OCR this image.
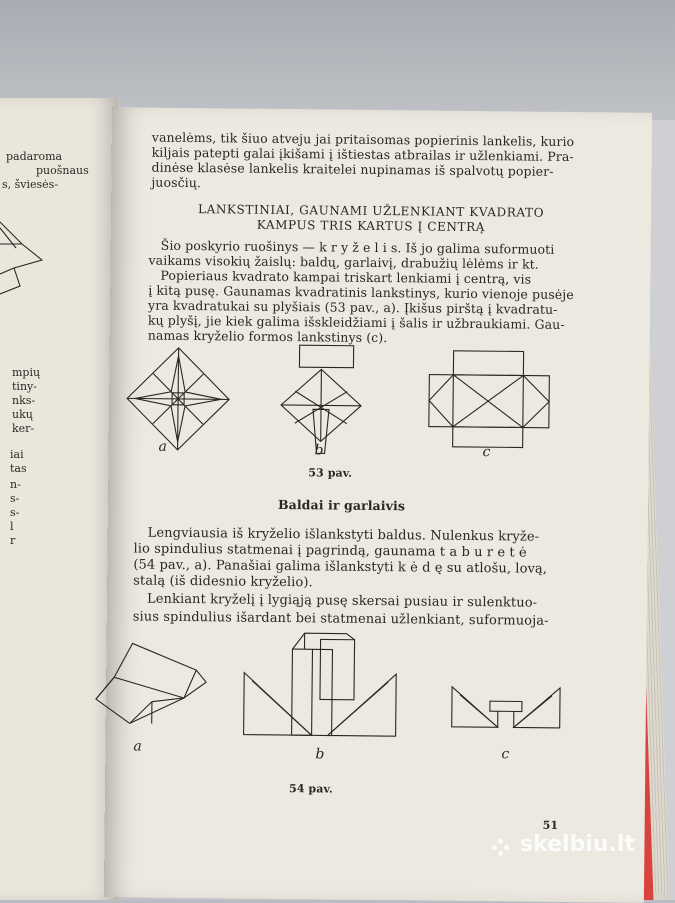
padaroma
puošnaus
s, šviesės-
mpių
tiny-
nks-
ukų
ker-
iai
tas
n-
s-
s-
l
r
vanelėms, tik šiuo atveju jai pritaisomas popierinis lankelis, kurio
kiljais patepti galai įkišami į ištiestas atbrailas ir užlenkiami. Pra-
dinėse klasėse lankelis kraitelei nupinamas iš spalvotų popier-
juosčių.
LANKSTINIAI, GAUNAMI UŽLENKIANT KVADRATO
KAMPUS TRIS KARTUS Į CENTRĄ
Šio poskyrio ruošinys — k r y ž e l i s. Iš jo galima suformuoti
vaikams visokių žaislų: baldų, garlaivį, drabužių lėlėms ir kt.
Popieriaus kvadrato kampai triskart lenkiami į centrą, vis
į kitą pusę. Gaunamas kvadratinis lankstinys, kurio vienoje pusėje
yra kvadratukai su plyšiais (53 pav., a). Įkišus pirštą į kvadratu-
kų plyšį, jie kiek galima išskleidžiami į šalis ir užbraukiami. Gau-
namas kryželio formos lankstinys (c).
a	b	c
53 pav.
Baldai ir garlaivis
Lengviausia iš kryželio išlankstyti baldus. Nulenkus kryže-
lio spindulius statmenai į pagrindą, gaunama t a b u r e t ė
(54 pav., a). Panašiai galima išlankstyti k ė d ę su atlošu, lovą,
stalą (iš didesnio kryželio).
Lenkiant kryželį į lygiąją pusę skersai pusiau ir sulenktuo-
sius spindulius išardant bei statmenai užlenkiant, suformuoja-
a	b	c
54 pav.
51
skelbiu.lt
